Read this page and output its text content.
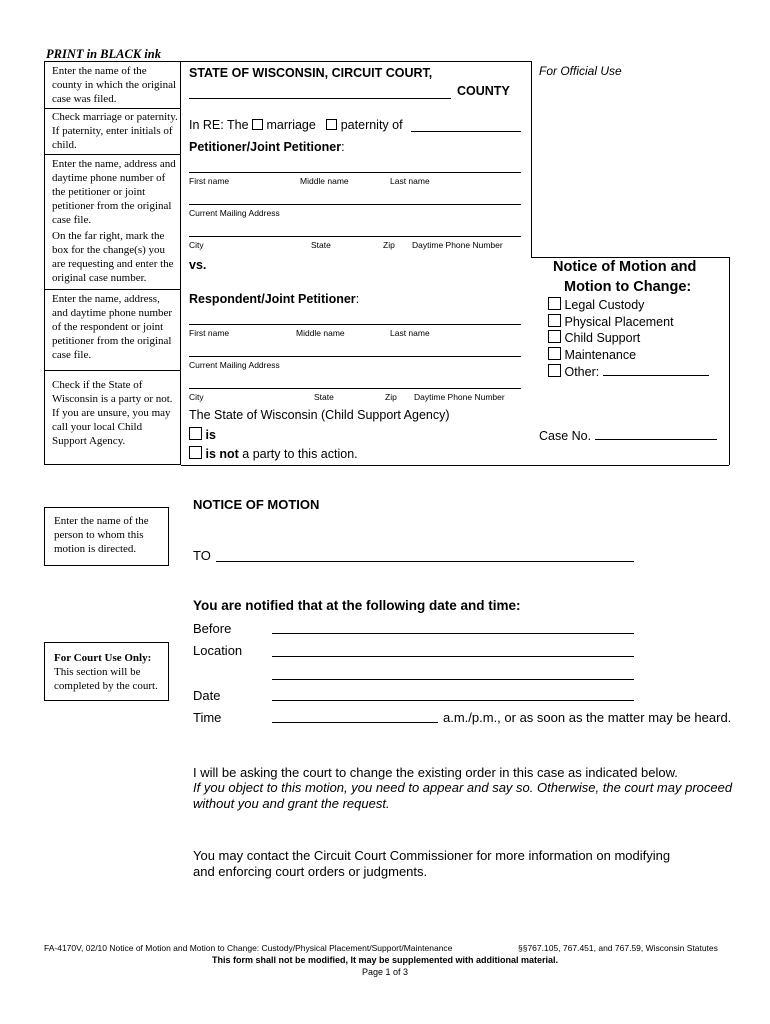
PRINT in BLACK ink
Enter the name of the county in which the original case was filed.
Check marriage or paternity. If paternity, enter initials of child.
Enter the name, address and daytime phone number of the petitioner or joint petitioner from the original case file.
On the far right, mark the box for the change(s) you are requesting and enter the original case number.
Enter the name, address, and daytime phone number of the respondent or joint petitioner from the original case file.
Check if the State of Wisconsin is a party or not. If you are unsure, you may call your local Child Support Agency.
For Official Use
STATE OF WISCONSIN, CIRCUIT COURT,
COUNTY
In RE: The marriage paternity of
Petitioner/Joint Petitioner:
First name	Middle name	Last name
Current Mailing Address
City	State	Zip Daytime Phone Number
vs.
Respondent/Joint Petitioner:
First name	Middle name	Last name
Current Mailing Address
City	State	Zip Daytime Phone Number
The State of Wisconsin (Child Support Agency)
is
is not a party to this action.
Notice of Motion and
Motion to Change:
Legal Custody
Physical Placement
Child Support
Maintenance
Other:
Case No.
Enter the name of the person to whom this motion is directed.
NOTICE OF MOTION
TO
You are notified that at the following date and time:
For Court Use Only:
This section will be completed by the court.
Before
Location
Date
Time	a.m./p.m., or as soon as the matter may be heard.
I will be asking the court to change the existing order in this case as indicated below.
If you object to this motion, you need to appear and say so. Otherwise, the court may proceed without you and grant the request.
You may contact the Circuit Court Commissioner for more information on modifying and enforcing court orders or judgments.
FA-4170V, 02/10 Notice of Motion and Motion to Change: Custody/Physical Placement/Support/Maintenance	§§767.105, 767.451, and 767.59, Wisconsin Statutes
This form shall not be modified, It may be supplemented with additional material.
Page 1 of 3
